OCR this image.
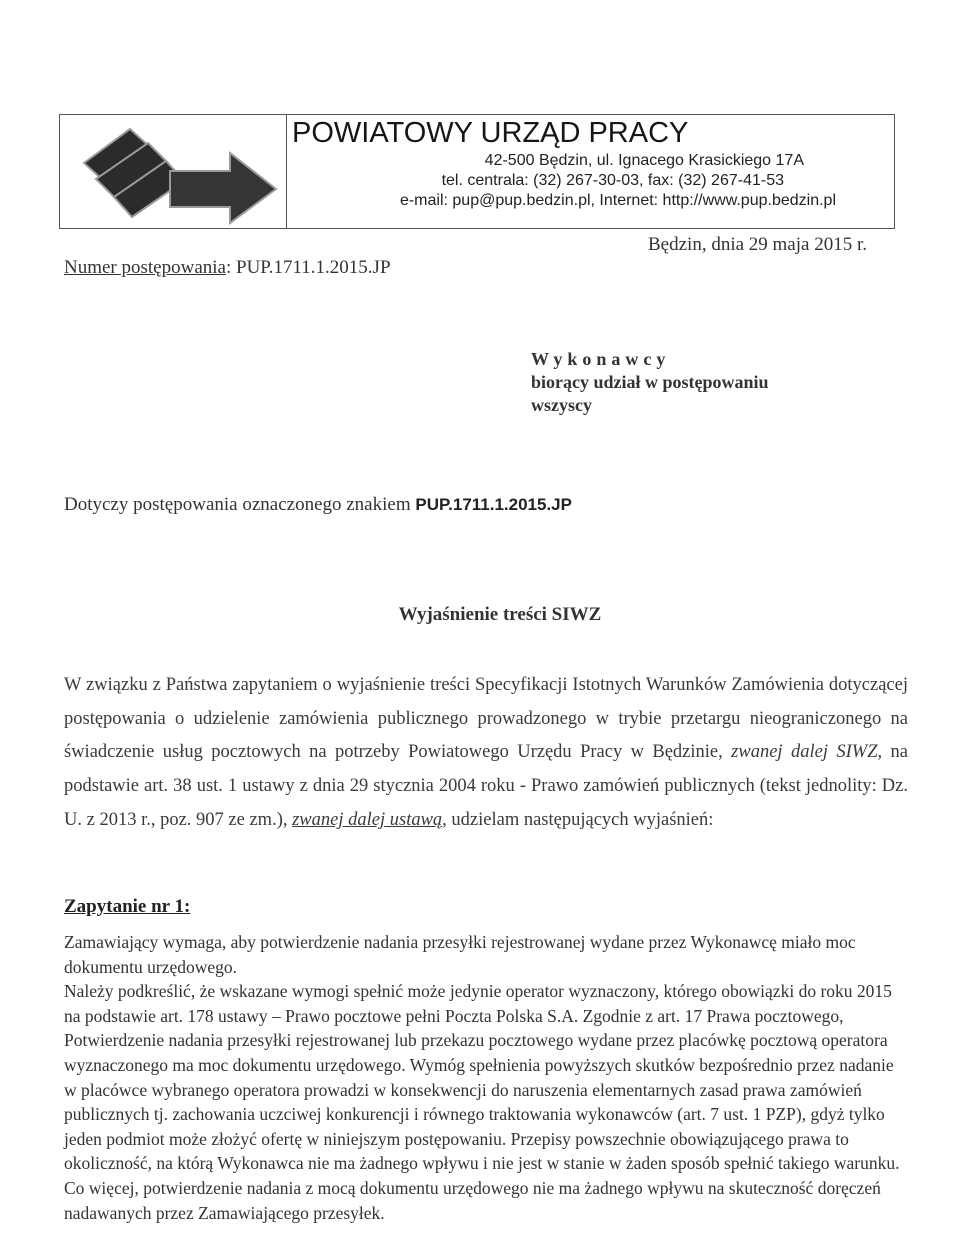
POWIATOWY URZĄD PRACY
42-500 Będzin, ul. Ignacego Krasickiego 17A
tel. centrala: (32) 267-30-03, fax: (32) 267-41-53
e-mail: pup@pup.bedzin.pl, Internet: http://www.pup.bedzin.pl
Będzin, dnia 29 maja 2015 r.
Numer postępowania: PUP.1711.1.2015.JP
Wykonawcy
biorący udział w postępowaniu
wszyscy
Dotyczy postępowania oznaczonego znakiem PUP.1711.1.2015.JP
Wyjaśnienie treści SIWZ

W związku z Państwa zapytaniem o wyjaśnienie treści Specyfikacji Istotnych Warunków Zamówienia dotyczącej postępowania o udzielenie zamówienia publicznego prowadzonego w trybie przetargu nieograniczonego na świadczenie usług pocztowych na potrzeby Powiatowego Urzędu Pracy w Będzinie, zwanej dalej SIWZ, na podstawie art. 38 ust. 1 ustawy z dnia 29 stycznia 2004 roku - Prawo zamówień publicznych (tekst jednolity: Dz. U. z 2013 r., poz. 907 ze zm.), zwanej dalej ustawą, udzielam następujących wyjaśnień:

Zapytanie nr 1:

Zamawiający wymaga, aby potwierdzenie nadania przesyłki rejestrowanej wydane przez Wykonawcę miało moc dokumentu urzędowego.

Należy podkreślić, że wskazane wymogi spełnić może jedynie operator wyznaczony, którego obowiązki do roku 2015 na podstawie art. 178 ustawy – Prawo pocztowe pełni Poczta Polska S.A. Zgodnie z art. 17 Prawa pocztowego, Potwierdzenie nadania przesyłki rejestrowanej lub przekazu pocztowego wydane przez placówkę pocztową operatora wyznaczonego ma moc dokumentu urzędowego. Wymóg spełnienia powyższych skutków bezpośrednio przez nadanie w placówce wybranego operatora prowadzi w konsekwencji do naruszenia elementarnych zasad prawa zamówień publicznych tj. zachowania uczciwej konkurencji i równego traktowania wykonawców (art. 7 ust. 1 PZP), gdyż tylko jeden podmiot może złożyć ofertę w niniejszym postępowaniu. Przepisy powszechnie obowiązującego prawa to okoliczność, na którą Wykonawca nie ma żadnego wpływu i nie jest w stanie w żaden sposób spełnić takiego warunku. Co więcej, potwierdzenie nadania z mocą dokumentu urzędowego nie ma żadnego wpływu na skuteczność doręczeń nadawanych przez Zamawiającego przesyłek.
